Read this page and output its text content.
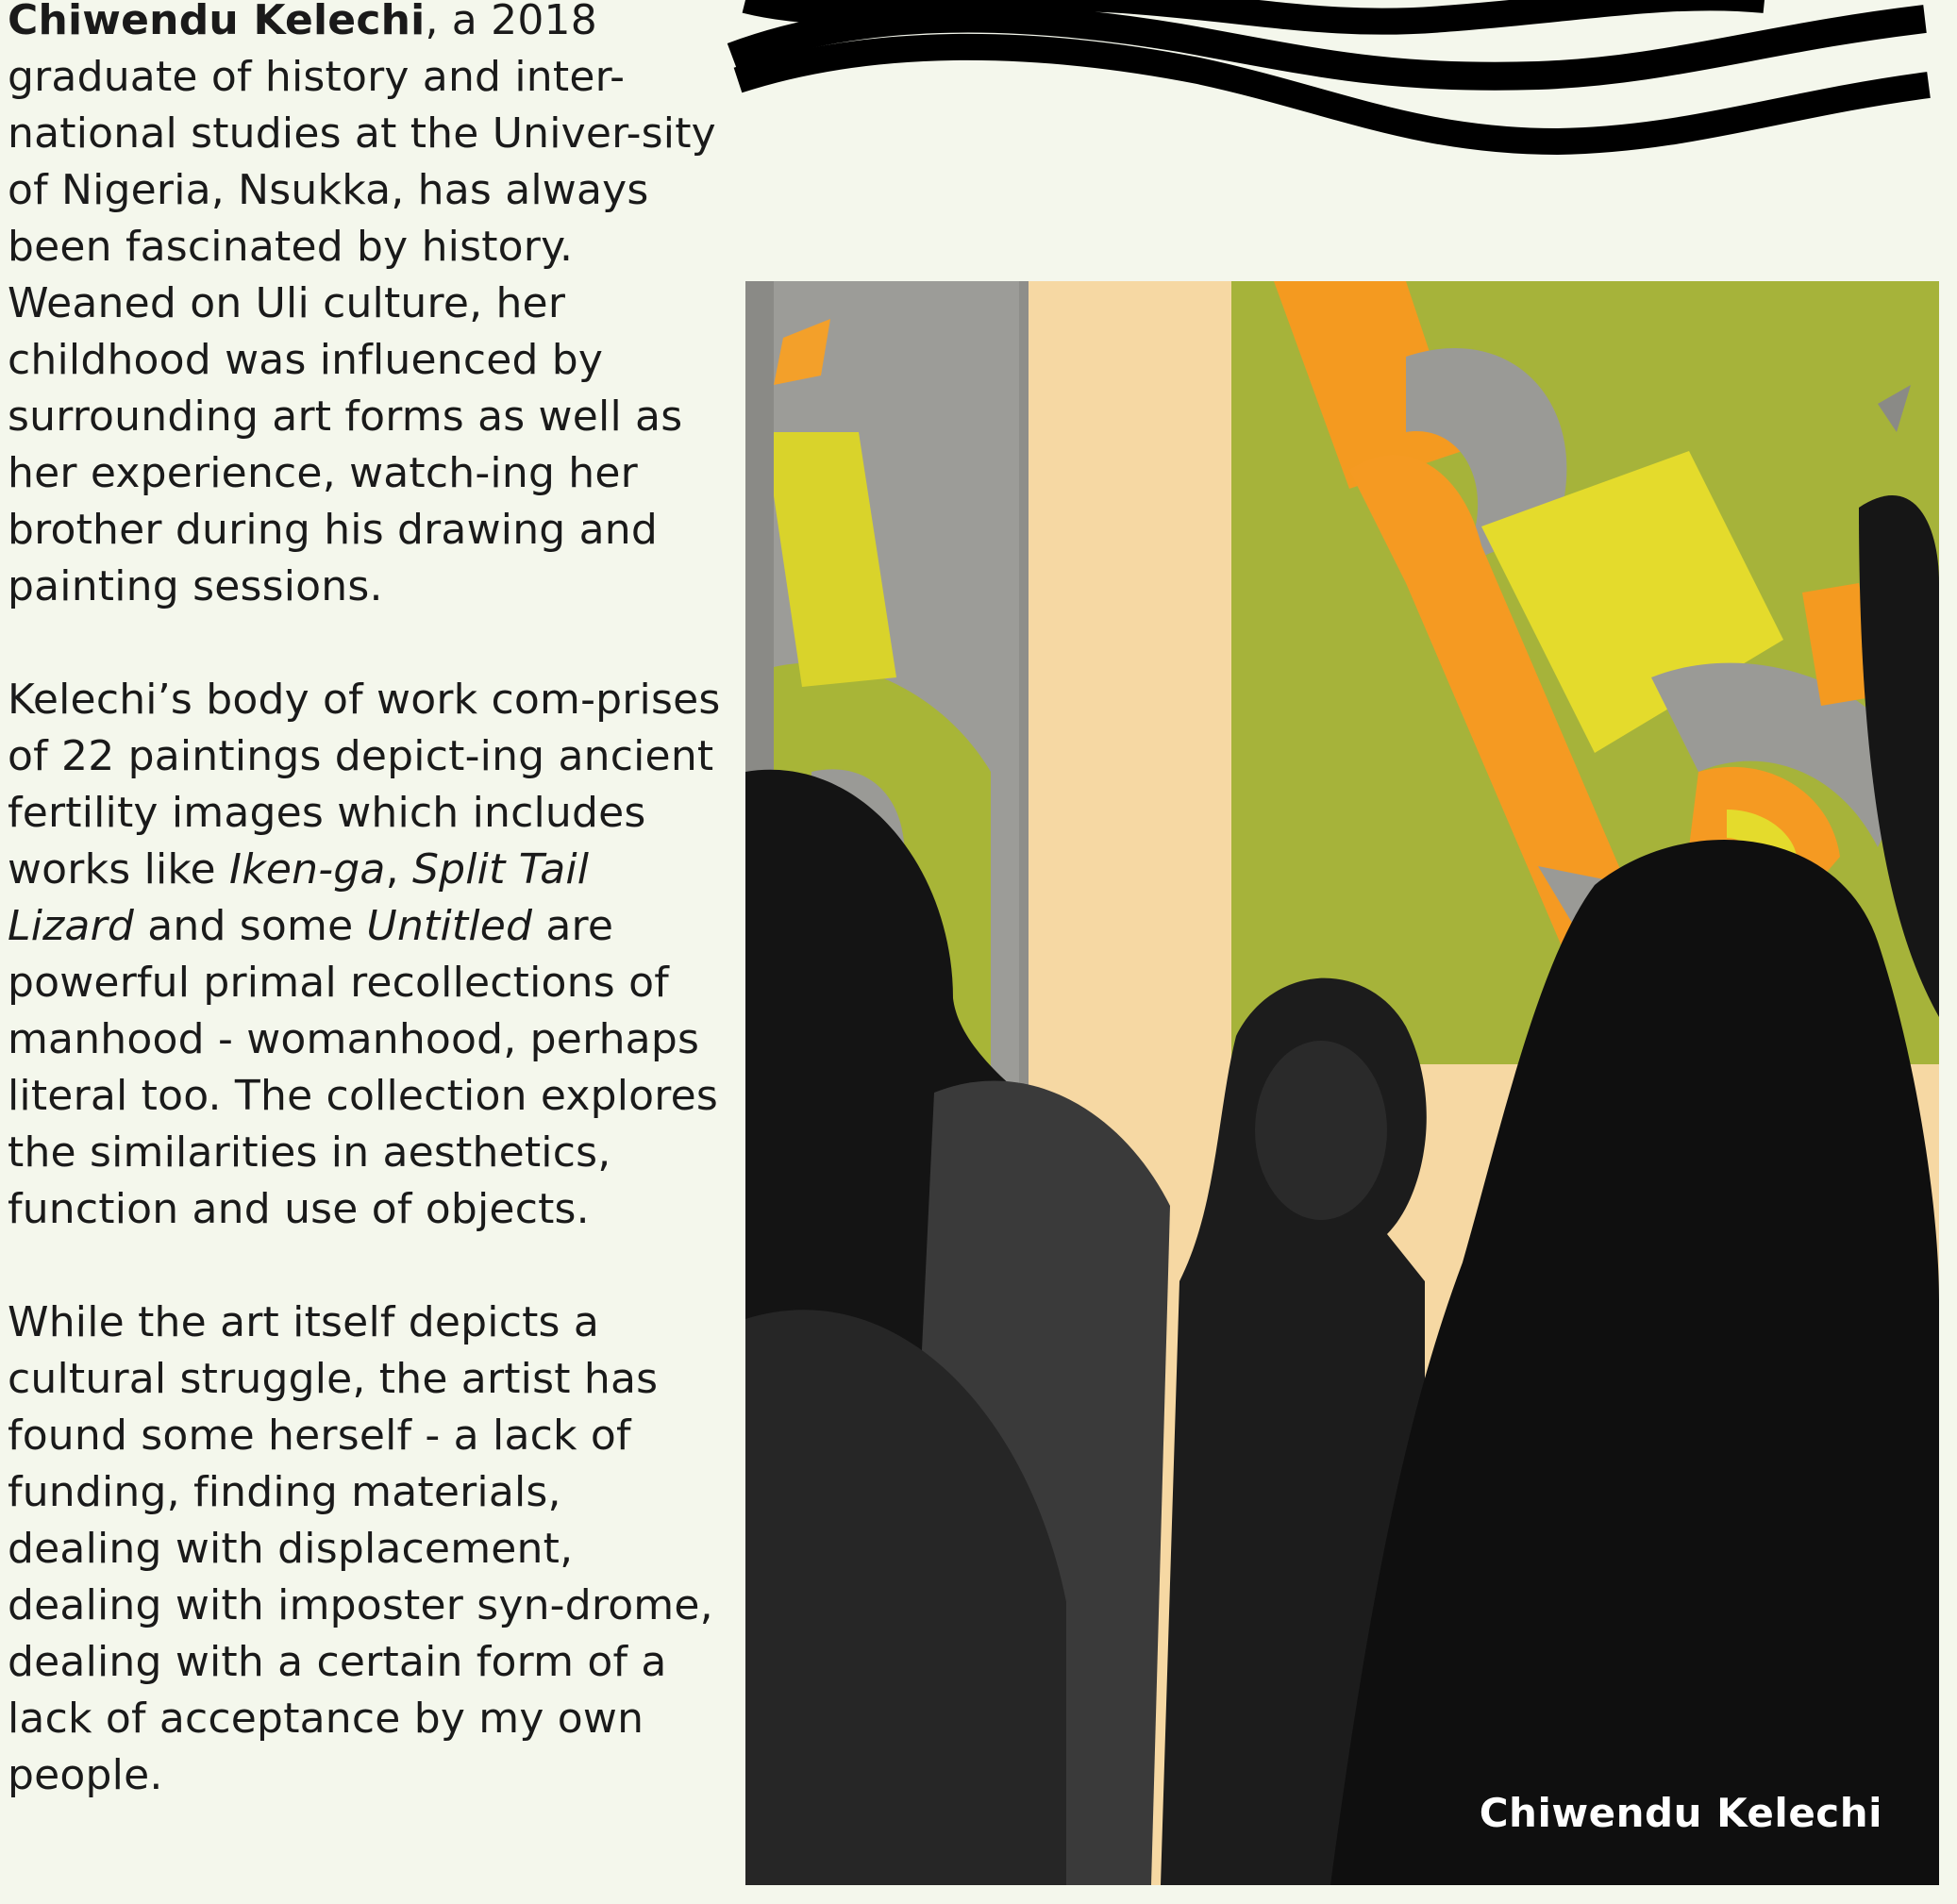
Chiwendu Kelechi, a 2018 graduate of history and inter-national studies at the Univer-sity of Nigeria, Nsukka, has always been fascinated by history. Weaned on Uli culture, her childhood was influenced by surrounding art forms as well as her experience, watch-ing her brother during his drawing and painting sessions.

Kelechi’s body of work com-prises of 22 paintings depict-ing ancient fertility images which includes works like Iken-ga, Split Tail Lizard and some Untitled are powerful primal recollections of manhood - womanhood, perhaps literal too. The collection explores the similarities in aesthetics, function and use of objects.

While the art itself depicts a cultural struggle, the artist has found some herself - a lack of funding, finding materials, dealing with displacement, dealing with imposter syn-drome, dealing with a certain form of a lack of acceptance by my own people.

Chiwendu Kelechi
